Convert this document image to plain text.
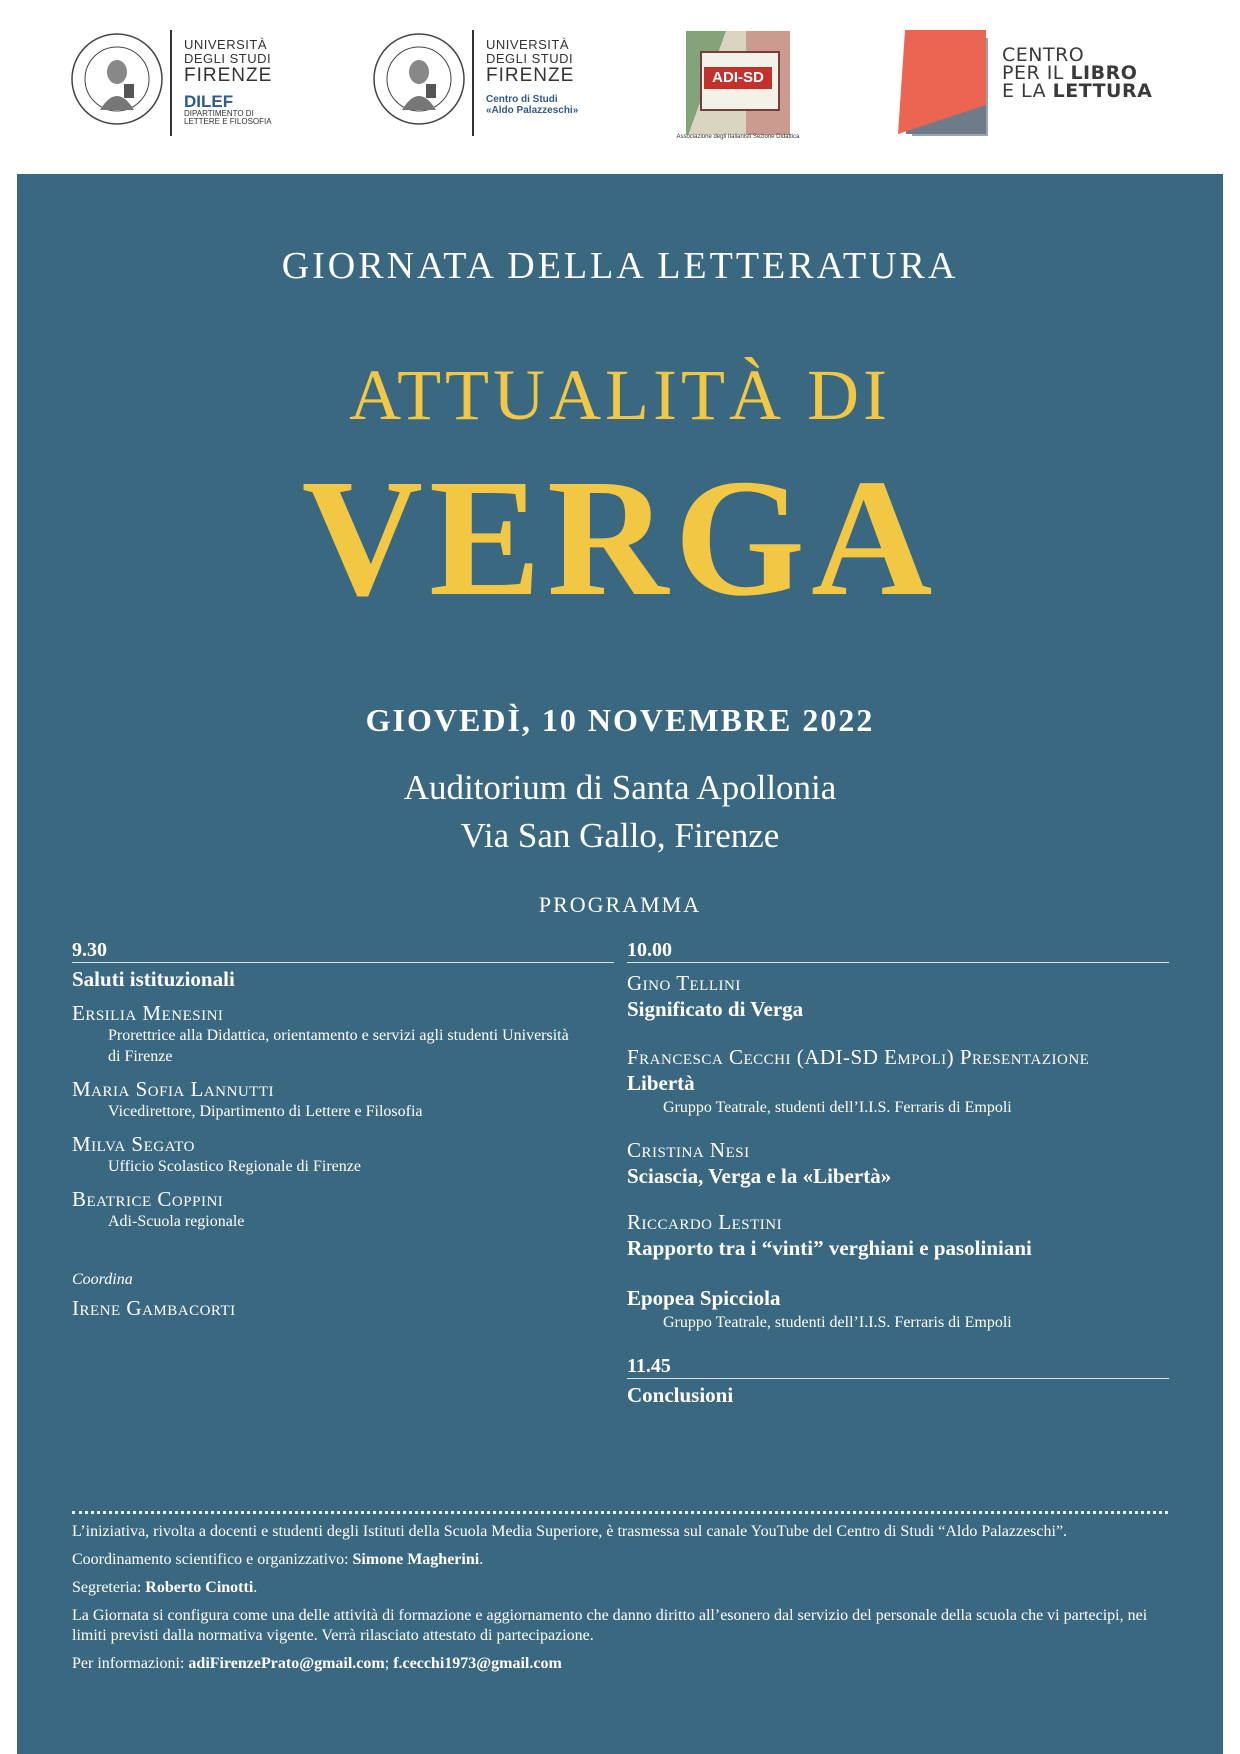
UNIVERSITÀ
DEGLI STUDI
FIRENZE
DILEF
DIPARTIMENTO DI LETTERE E FILOSOFIA
UNIVERSITÀ
DEGLI STUDI
FIRENZE
Centro di Studi
«Aldo Palazzeschi»
ADI-SD
Associazione degli Italianisti Sezione Didattica
CENTRO
PER IL LIBRO
E LA LETTURA
GIORNATA DELLA LETTERATURA
ATTUALITÀ DI
VERGA
GIOVEDÌ, 10 NOVEMBRE 2022
Auditorium di Santa Apollonia
Via San Gallo, Firenze
PROGRAMMA
9.30
Saluti istituzionali
Ersilia Menesini
Prorettrice alla Didattica, orientamento e servizi agli studenti Università di Firenze
Maria Sofia Lannutti
Vicedirettore, Dipartimento di Lettere e Filosofia
Milva Segato
Ufficio Scolastico Regionale di Firenze
Beatrice Coppini
Adi-Scuola regionale
Coordina
Irene Gambacorti
10.00
Gino Tellini
Significato di Verga
Francesca Cecchi (ADI-SD Empoli) Presentazione
Libertà
Gruppo Teatrale, studenti dell’I.I.S. Ferraris di Empoli
Cristina Nesi
Sciascia, Verga e la «Libertà»
Riccardo Lestini
Rapporto tra i “vinti” verghiani e pasoliniani
Epopea Spicciola
Gruppo Teatrale, studenti dell’I.I.S. Ferraris di Empoli
11.45
Conclusioni

L’iniziativa, rivolta a docenti e studenti degli Istituti della Scuola Media Superiore, è trasmessa sul canale YouTube del Centro di Studi “Aldo Palazzeschi”.

Coordinamento scientifico e organizzativo: Simone Magherini.

Segreteria: Roberto Cinotti.

La Giornata si configura come una delle attività di formazione e aggiornamento che danno diritto all’esonero dal servizio del personale della scuola che vi partecipi, nei limiti previsti dalla normativa vigente. Verrà rilasciato attestato di partecipazione.

Per informazioni: adiFirenzePrato@gmail.com; f.cecchi1973@gmail.com
